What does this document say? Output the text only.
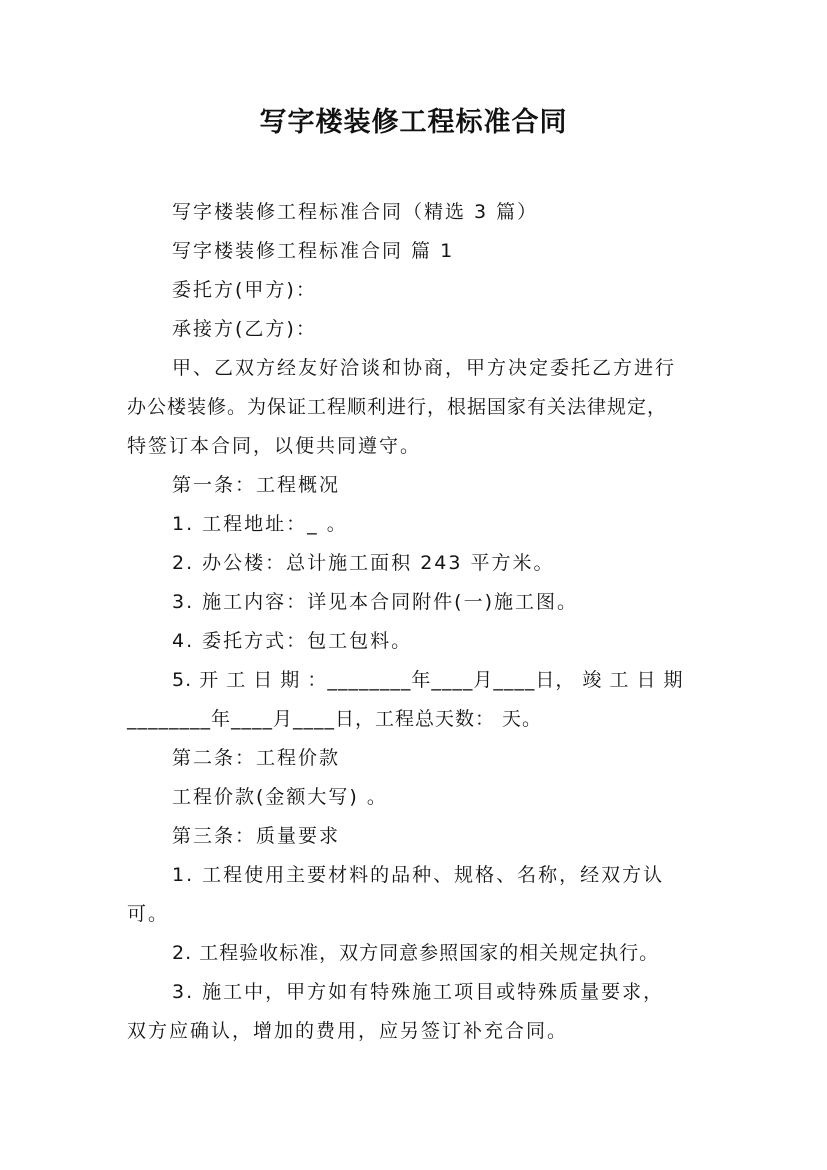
写字楼装修工程标准合同

写字楼装修工程标准合同（精选 3 篇）

写字楼装修工程标准合同 篇 1

委托方(甲方)：

承接方(乙方)：

甲、乙双方经友好洽谈和协商，甲方决定委托乙方进行

办公楼装修。为保证工程顺利进行，根据国家有关法律规定，

特签订本合同，以便共同遵守。

第一条：工程概况

1. 工程地址：_ 。

2. 办公楼：总计施工面积 243 平方米。

3. 施工内容：详见本合同附件(一)施工图。

4. 委托方式：包工包料。

5. 开 工 日 期 ：________年____月____日， 竣 工 日 期

________年____月____日，工程总天数： 天。

第二条：工程价款

工程价款(金额大写) 。

第三条：质量要求

1. 工程使用主要材料的品种、规格、名称，经双方认

可。

2. 工程验收标准，双方同意参照国家的相关规定执行。

3. 施工中，甲方如有特殊施工项目或特殊质量要求，

双方应确认，增加的费用，应另签订补充合同。
